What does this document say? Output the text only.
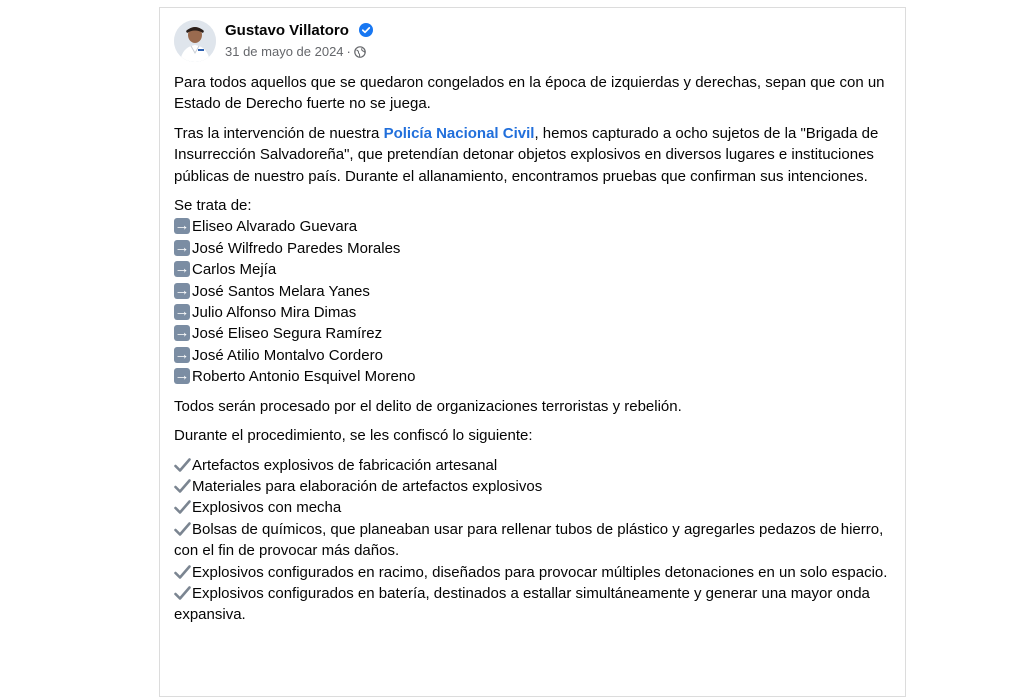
Gustavo Villatoro
31 de mayo de 2024 ·

Para todos aquellos que se quedaron congelados en la época de izquierdas y derechas, sepan que con un Estado de Derecho fuerte no se juega.

Tras la intervención de nuestra Policía Nacional Civil, hemos capturado a ocho sujetos de la "Brigada de Insurrección Salvadoreña", que pretendían detonar objetos explosivos en diversos lugares e instituciones públicas de nuestro país. Durante el allanamiento, encontramos pruebas que confirman sus intenciones.

Se trata de:
→Eliseo Alvarado Guevara
→José Wilfredo Paredes Morales
→Carlos Mejía
→José Santos Melara Yanes
→Julio Alfonso Mira Dimas
→José Eliseo Segura Ramírez
→José Atilio Montalvo Cordero
→Roberto Antonio Esquivel Moreno

Todos serán procesado por el delito de organizaciones terroristas y rebelión.

Durante el procedimiento, se les confiscó lo siguiente:

Artefactos explosivos de fabricación artesanal
Materiales para elaboración de artefactos explosivos
Explosivos con mecha
Bolsas de químicos, que planeaban usar para rellenar tubos de plástico y agregarles pedazos de hierro, con el fin de provocar más daños.
Explosivos configurados en racimo, diseñados para provocar múltiples detonaciones en un solo espacio.
Explosivos configurados en batería, destinados a estallar simultáneamente y generar una mayor onda expansiva.
